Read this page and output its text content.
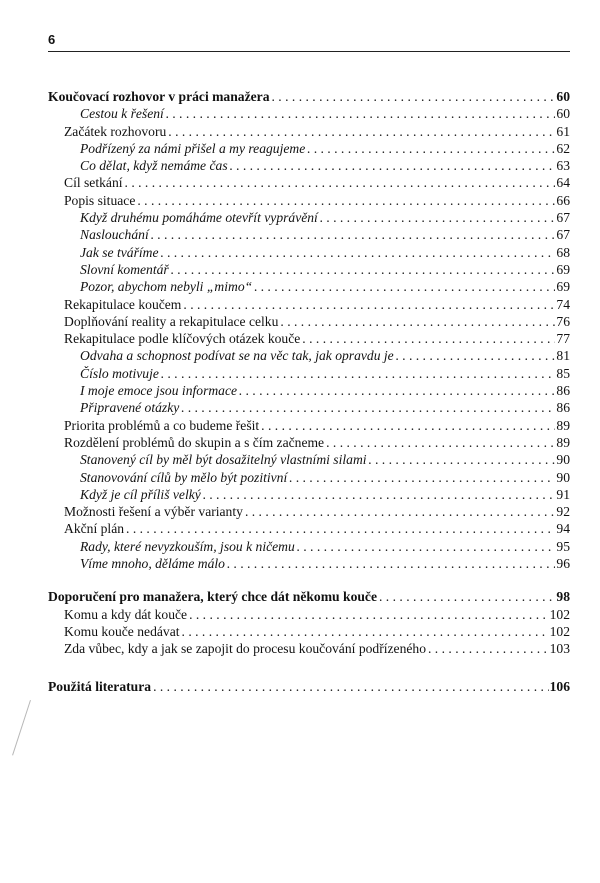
6
Koučovací rozhovor v práci manažera . . .	60
Cestou k řešení . . .	60
Začátek rozhovoru . . .	61
Podřízený za námi přišel a my reagujeme . . .	62
Co dělat, když nemáme čas . . .	63
Cíl setkání . . .	64
Popis situace . . .	66
Když druhému pomáháme otevřít vyprávění . . .	67
Naslouchání . . .	67
Jak se tváříme . . .	68
Slovní komentář . . .	69
Pozor, abychom nebyli „mimo“ . . .	69
Rekapitulace koučem . . .	74
Doplňování reality a rekapitulace celku . . .	76
Rekapitulace podle klíčových otázek kouče . . .	77
Odvaha a schopnost podívat se na věc tak, jak opravdu je . . .	81
Číslo motivuje . . .	85
I moje emoce jsou informace . . .	86
Připravené otázky . . .	86
Priorita problémů a co budeme řešit . . .	89
Rozdělení problémů do skupin a s čím začneme . . .	89
Stanovený cíl by měl být dosažitelný vlastními silami . . .	90
Stanovování cílů by mělo být pozitivní . . .	90
Když je cíl příliš velký . . .	91
Možnosti řešení a výběr varianty . . .	92
Akční plán . . .	94
Rady, které nevyzkouším, jsou k ničemu . . .	95
Víme mnoho, děláme málo . . .	96
Doporučení pro manažera, který chce dát někomu kouče . . .	98
Komu a kdy dát kouče . . .	102
Komu kouče nedávat . . .	102
Zda vůbec, kdy a jak se zapojit do procesu koučování podřízeného . . .	103
Použitá literatura . . .	106
